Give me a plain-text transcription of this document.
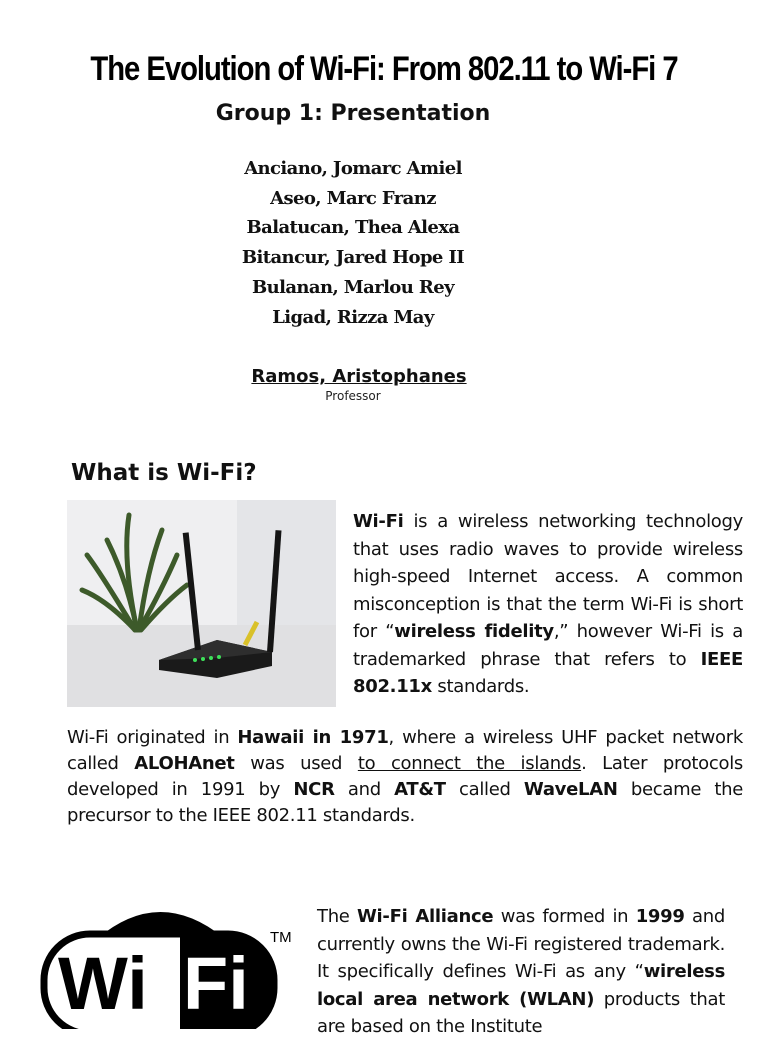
The Evolution of Wi-Fi: From 802.11 to Wi-Fi 7
Group 1: Presentation
Anciano, Jomarc Amiel
Aseo, Marc Franz
Balatucan, Thea Alexa
Bitancur, Jared Hope II
Bulanan, Marlou Rey
Ligad, Rizza May
Ramos, Aristophanes
Professor
What is Wi-Fi?
Wi-Fi is a wireless networking technology that uses radio waves to provide wireless high-speed Internet access. A common misconception is that the term Wi-Fi is short for “wireless fidelity,” however Wi-Fi is a trademarked phrase that refers to IEEE 802.11x standards.
Wi-Fi originated in Hawaii in 1971, where a wireless UHF packet network called ALOHAnet was used to connect the islands. Later protocols developed in 1991 by NCR and AT&T called WaveLAN became the precursor to the IEEE 802.11 standards.
Wi Fi
TM
The Wi-Fi Alliance was formed in 1999 and currently owns the Wi-Fi registered trademark. It specifically defines Wi-Fi as any “wireless local area network (WLAN) products that are based on the Institute
